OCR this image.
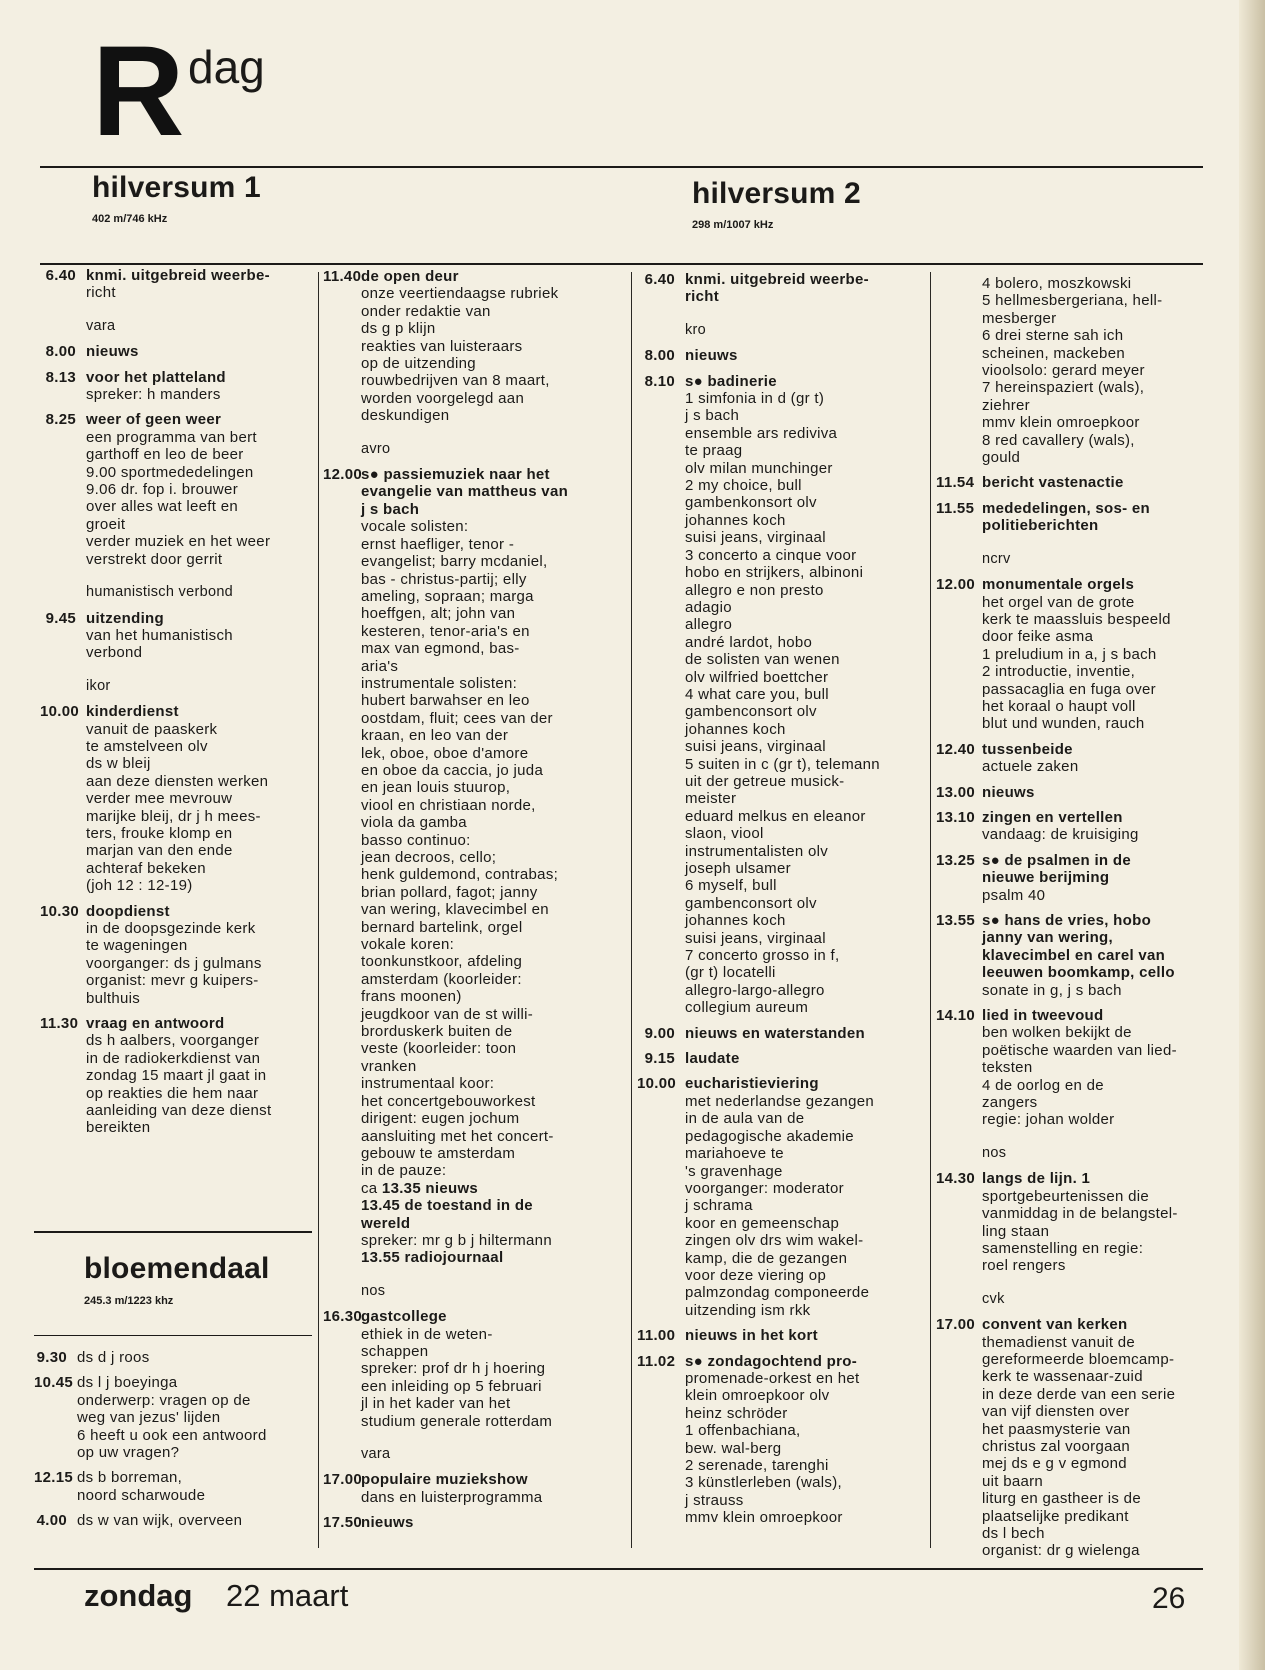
R dag
hilversum 1
402 m/746 kHz
hilversum 2
298 m/1007 kHz
6.40 knmi. uitgebreid weerbe-
richt
vara
8.00 nieuws
8.13 voor het platteland
spreker: h manders
8.25 weer of geen weer
een programma van bert
garthoff en leo de beer
9.00 sportmededelingen
9.06 dr. fop i. brouwer
over alles wat leeft en
groeit
verder muziek en het weer
verstrekt door gerrit
humanistisch verbond
9.45 uitzending
van het humanistisch
verbond
ikor
10.00 kinderdienst
vanuit de paaskerk
te amstelveen olv
ds w bleij
aan deze diensten werken
verder mee mevrouw
marijke bleij, dr j h mees-
ters, frouke klomp en
marjan van den ende
achteraf bekeken
(joh 12 : 12-19)
10.30 doopdienst
in de doopsgezinde kerk
te wageningen
voorganger: ds j gulmans
organist: mevr g kuipers-
bulthuis
11.30 vraag en antwoord
ds h aalbers, voorganger
in de radiokerkdienst van
zondag 15 maart jl gaat in
op reakties die hem naar
aanleiding van deze dienst
bereikten
bloemendaal
245.3 m/1223 khz
9.30 ds d j roos
10.45 ds l j boeyinga
onderwerp: vragen op de
weg van jezus' lijden
6 heeft u ook een antwoord
op uw vragen?
12.15 ds b borreman,
noord scharwoude
4.00 ds w van wijk, overveen
11.40 de open deur
onze veertiendaagse rubriek
onder redaktie van
ds g p klijn
reakties van luisteraars
op de uitzending
rouwbedrijven van 8 maart,
worden voorgelegd aan
deskundigen
avro
12.00
s● passiemuziek naar het
evangelie van mattheus van
j s bach
vocale solisten:
ernst haefliger, tenor -
evangelist; barry mcdaniel,
bas - christus-partij; elly
ameling, sopraan; marga
hoeffgen, alt; john van
kesteren, tenor-aria's en
max van egmond, bas-
aria's
instrumentale solisten:
hubert barwahser en leo
oostdam, fluit; cees van der
kraan, en leo van der
lek, oboe, oboe d'amore
en oboe da caccia, jo juda
en jean louis stuurop,
viool en christiaan norde,
viola da gamba
basso continuo:
jean decroos, cello;
henk guldemond, contrabas;
brian pollard, fagot; janny
van wering, klavecimbel en
bernard bartelink, orgel
vokale koren:
toonkunstkoor, afdeling
amsterdam (koorleider:
frans moonen)
jeugdkoor van de st willi-
brorduskerk buiten de
veste (koorleider: toon
vranken
instrumentaal koor:
het concertgebouworkest
dirigent: eugen jochum
aansluiting met het concert-
gebouw te amsterdam
in de pauze:
ca 13.35 nieuws
13.45 de toestand in de
wereld
spreker: mr g b j hiltermann
13.55 radiojournaal
nos
16.30
gastcollege
ethiek in de weten-
schappen
spreker: prof dr h j hoering
een inleiding op 5 februari
jl in het kader van het
studium generale rotterdam
vara
17.00
populaire muziekshow
dans en luisterprogramma
17.50
nieuws
6.40 knmi. uitgebreid weerbe-
richt
kro
8.00 nieuws
8.10 s● badinerie
1 simfonia in d (gr t)
j s bach
ensemble ars rediviva
te praag
olv milan munchinger
2 my choice, bull
gambenkonsort olv
johannes koch
suisi jeans, virginaal
3 concerto a cinque voor
hobo en strijkers, albinoni
allegro e non presto
adagio
allegro
andré lardot, hobo
de solisten van wenen
olv wilfried boettcher
4 what care you, bull
gambenconsort olv
johannes koch
suisi jeans, virginaal
5 suiten in c (gr t), telemann
uit der getreue musick-
meister
eduard melkus en eleanor
slaon, viool
instrumentalisten olv
joseph ulsamer
6 myself, bull
gambenconsort olv
johannes koch
suisi jeans, virginaal
7 concerto grosso in f,
(gr t) locatelli
allegro-largo-allegro
collegium aureum
9.00 nieuws en waterstanden
9.15 laudate
10.00 eucharistieviering
met nederlandse gezangen
in de aula van de
pedagogische akademie
mariahoeve te
's gravenhage
voorganger: moderator
j schrama
koor en gemeenschap
zingen olv drs wim wakel-
kamp, die de gezangen
voor deze viering op
palmzondag componeerde
uitzending ism rkk
11.00 nieuws in het kort
11.02 s● zondagochtend pro-
promenade-orkest en het
klein omroepkoor olv
heinz schröder
1 offenbachiana,
bew. wal-berg
2 serenade, tarenghi
3 künstlerleben (wals),
j strauss
mmv klein omroepkoor
4 bolero, moszkowski
5 hellmesbergeriana, hell-
mesberger
6 drei sterne sah ich
scheinen, mackeben
vioolsolo: gerard meyer
7 hereinspaziert (wals),
ziehrer
mmv klein omroepkoor
8 red cavallery (wals),
gould
11.54 bericht vastenactie
11.55 mededelingen, sos- en
politieberichten
ncrv
12.00 monumentale orgels
het orgel van de grote
kerk te maassluis bespeeld
door feike asma
1 preludium in a, j s bach
2 introductie, inventie,
passacaglia en fuga over
het koraal o haupt voll
blut und wunden, rauch
12.40 tussenbeide
actuele zaken
13.00 nieuws
13.10 zingen en vertellen
vandaag: de kruisiging
13.25 s● de psalmen in de
nieuwe berijming
psalm 40
13.55 s● hans de vries, hobo
janny van wering,
klavecimbel en carel van
leeuwen boomkamp, cello
sonate in g, j s bach
14.10 lied in tweevoud
ben wolken bekijkt de
poëtische waarden van lied-
teksten
4 de oorlog en de
zangers
regie: johan wolder
nos
14.30 langs de lijn. 1
sportgebeurtenissen die
vanmiddag in de belangstel-
ling staan
samenstelling en regie:
roel rengers
cvk
17.00 convent van kerken
themadienst vanuit de
gereformeerde bloemcamp-
kerk te wassenaar-zuid
in deze derde van een serie
van vijf diensten over
het paasmysterie van
christus zal voorgaan
mej ds e g v egmond
uit baarn
liturg en gastheer is de
plaatselijke predikant
ds l bech
organist: dr g wielenga
zondag 22 maart	26
